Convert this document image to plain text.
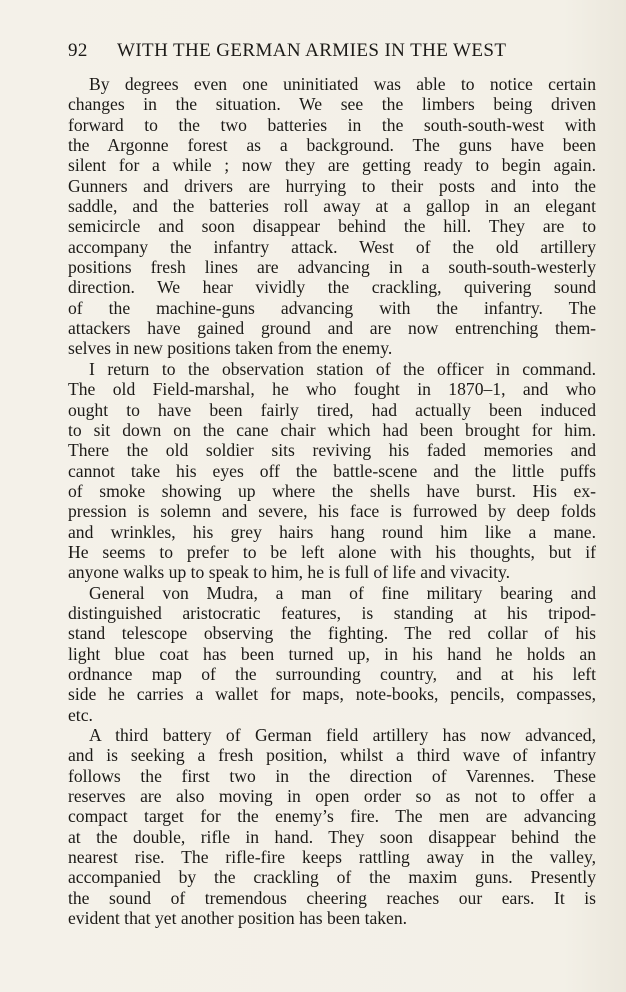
92 WITH THE GERMAN ARMIES IN THE WEST
By degrees even one uninitiated was able to notice certain
changes in the situation. We see the limbers being driven
forward to the two batteries in the south-south-west with
the Argonne forest as a background. The guns have been
silent for a while ; now they are getting ready to begin again.
Gunners and drivers are hurrying to their posts and into the
saddle, and the batteries roll away at a gallop in an elegant
semicircle and soon disappear behind the hill. They are to
accompany the infantry attack. West of the old artillery
positions fresh lines are advancing in a south-south-westerly
direction. We hear vividly the crackling, quivering sound
of the machine-guns advancing with the infantry. The
attackers have gained ground and are now entrenching them-
selves in new positions taken from the enemy.
I return to the observation station of the officer in command.
The old Field-marshal, he who fought in 1870–1, and who
ought to have been fairly tired, had actually been induced
to sit down on the cane chair which had been brought for him.
There the old soldier sits reviving his faded memories and
cannot take his eyes off the battle-scene and the little puffs
of smoke showing up where the shells have burst. His ex-
pression is solemn and severe, his face is furrowed by deep folds
and wrinkles, his grey hairs hang round him like a mane.
He seems to prefer to be left alone with his thoughts, but if
anyone walks up to speak to him, he is full of life and vivacity.
General von Mudra, a man of fine military bearing and
distinguished aristocratic features, is standing at his tripod-
stand telescope observing the fighting. The red collar of his
light blue coat has been turned up, in his hand he holds an
ordnance map of the surrounding country, and at his left
side he carries a wallet for maps, note-books, pencils, compasses,
etc.
A third battery of German field artillery has now advanced,
and is seeking a fresh position, whilst a third wave of infantry
follows the first two in the direction of Varennes. These
reserves are also moving in open order so as not to offer a
compact target for the enemy’s fire. The men are advancing
at the double, rifle in hand. They soon disappear behind the
nearest rise. The rifle-fire keeps rattling away in the valley,
accompanied by the crackling of the maxim guns. Presently
the sound of tremendous cheering reaches our ears. It is
evident that yet another position has been taken.
